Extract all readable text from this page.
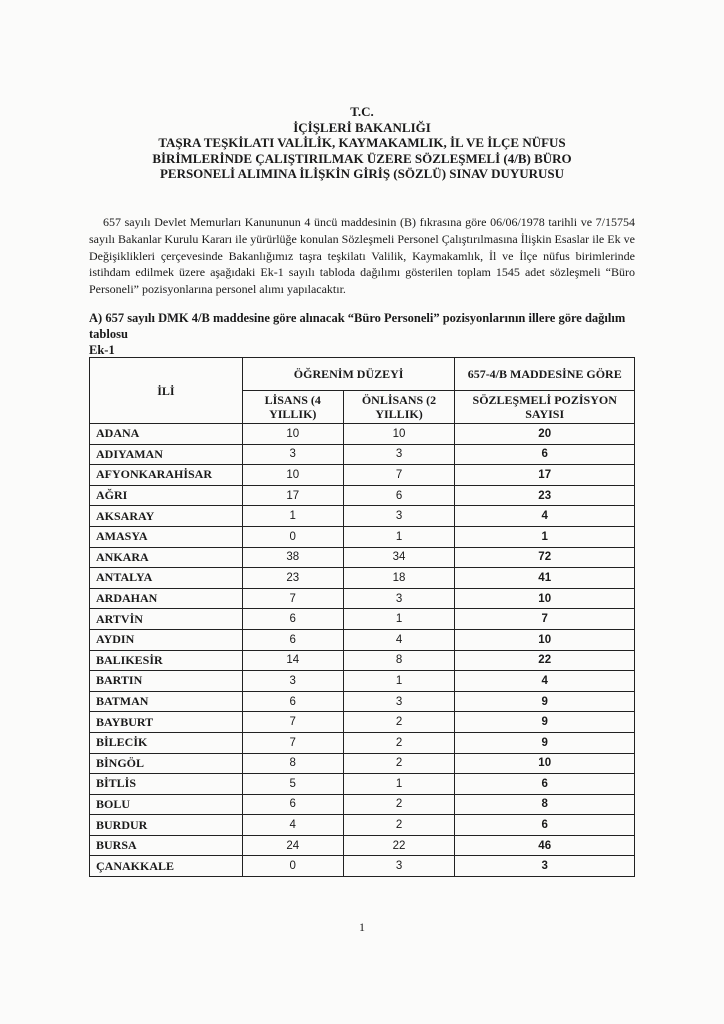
T.C.
İÇİŞLERİ BAKANLIĞI
TAŞRA TEŞKİLATI VALİLİK, KAYMAKAMLIK, İL VE İLÇE NÜFUS
BİRİMLERİNDE ÇALIŞTIRILMAK ÜZERE SÖZLEŞMELİ (4/B) BÜRO
PERSONELİ ALIMINA İLİŞKİN GİRİŞ (SÖZLÜ) SINAV DUYURUSU
657 sayılı Devlet Memurları Kanununun 4 üncü maddesinin (B) fıkrasına göre 06/06/1978 tarihli ve 7/15754 sayılı Bakanlar Kurulu Kararı ile yürürlüğe konulan Sözleşmeli Personel Çalıştırılmasına İlişkin Esaslar ile Ek ve Değişiklikleri çerçevesinde Bakanlığımız taşra teşkilatı Valilik, Kaymakamlık, İl ve İlçe nüfus birimlerinde istihdam edilmek üzere aşağıdaki Ek-1 sayılı tabloda dağılımı gösterilen toplam 1545 adet sözleşmeli “Büro Personeli” pozisyonlarına personel alımı yapılacaktır.
A) 657 sayılı DMK 4/B maddesine göre alınacak “Büro Personeli” pozisyonlarının illere göre dağılım tablosu
Ek-1
İLİ	ÖĞRENİM DÜZEYİ		657-4/B MADDESİNE GÖRE
	LİSANS (4 YILLIK)	ÖNLİSANS (2 YILLIK)	SÖZLEŞMELİ POZİSYON SAYISI
ADANA	10	10	20
ADIYAMAN	3	3	6
AFYONKARAHİSAR	10	7	17
AĞRI	17	6	23
AKSARAY	1	3	4
AMASYA	0	1	1
ANKARA	38	34	72
ANTALYA	23	18	41
ARDAHAN	7	3	10
ARTVİN	6	1	7
AYDIN	6	4	10
BALIKESİR	14	8	22
BARTIN	3	1	4
BATMAN	6	3	9
BAYBURT	7	2	9
BİLECİK	7	2	9
BİNGÖL	8	2	10
BİTLİS	5	1	6
BOLU	6	2	8
BURDUR	4	2	6
BURSA	24	22	46
ÇANAKKALE	0	3	3
1
